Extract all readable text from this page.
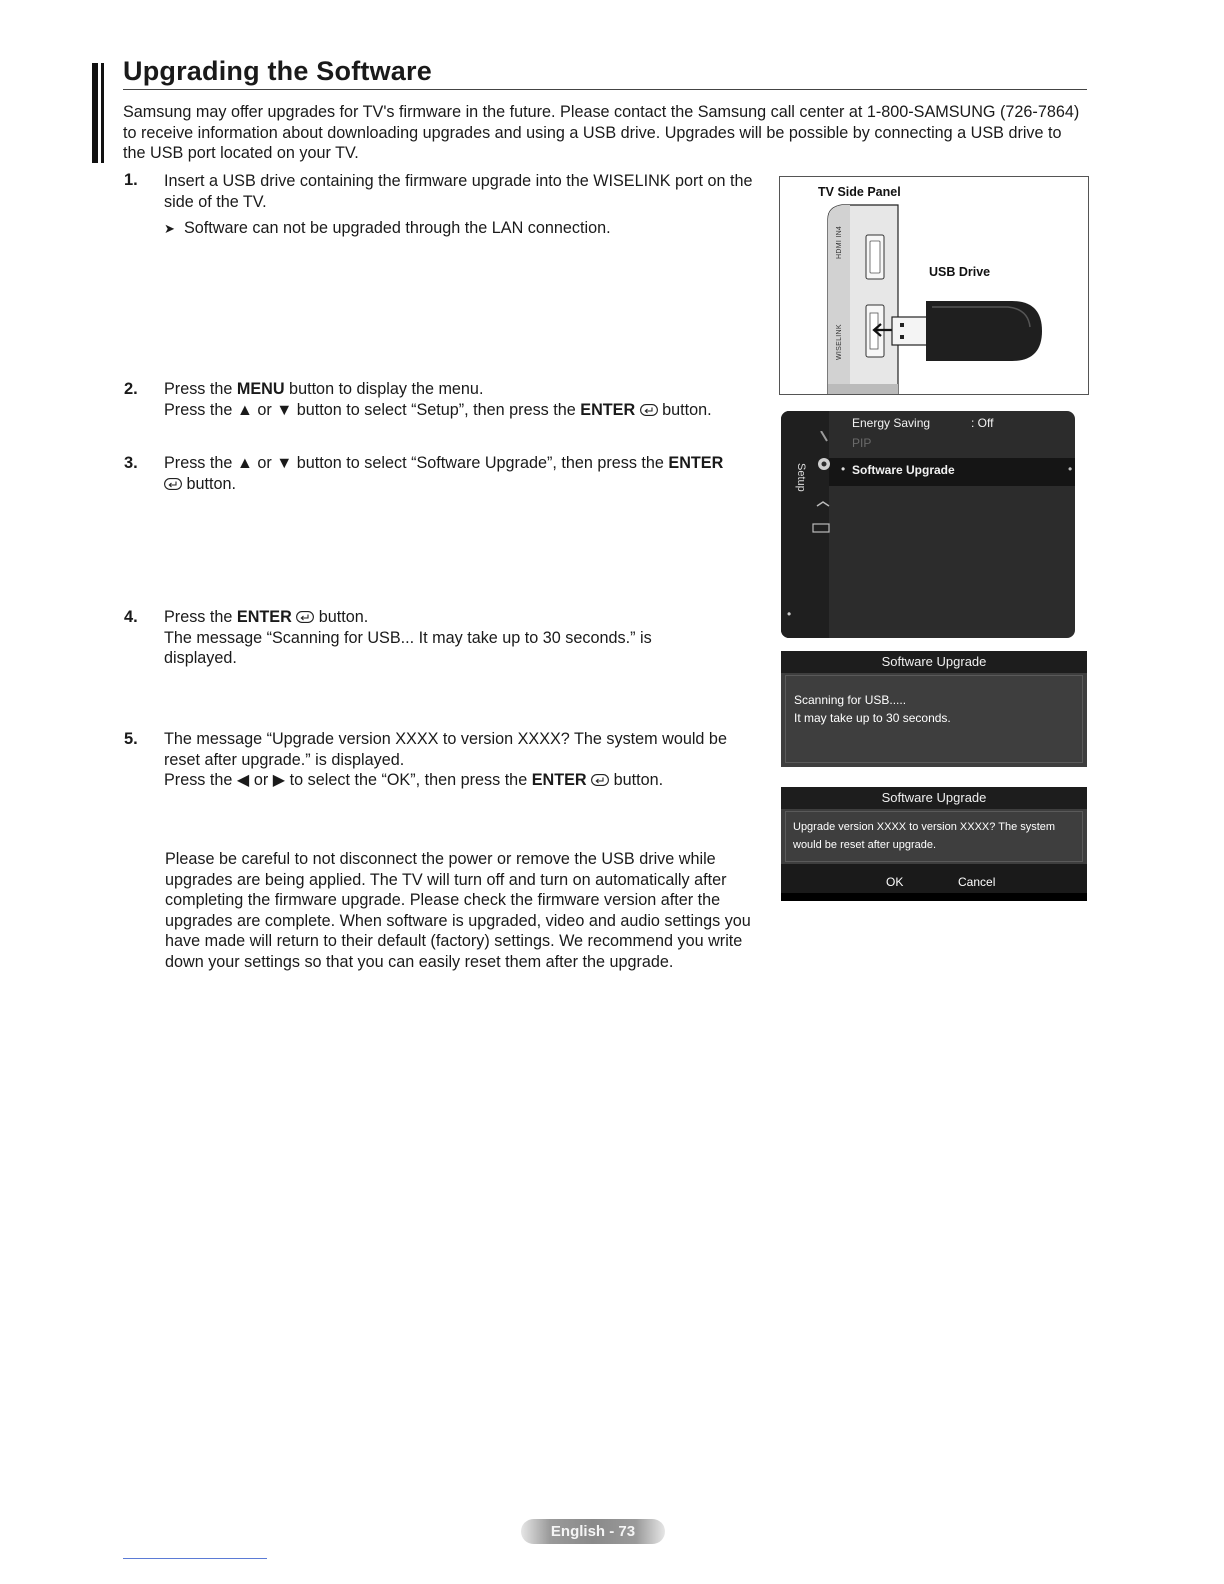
Upgrading the Software
Samsung may offer upgrades for TV's firmware in the future. Please contact the Samsung call center at 1-800-SAMSUNG (726-7864) to receive information about downloading upgrades and using a USB drive. Upgrades will be possible by connecting a USB drive to the USB port located on your TV.
1. Insert a USB drive containing the firmware upgrade into the WISELINK port on the side of the TV.
➤ Software can not be upgraded through the LAN connection.
2. Press the MENU button to display the menu.
Press the ▲ or ▼ button to select “Setup”, then press the ENTER
button.
3. Press the ▲ or ▼ button to select “Software Upgrade”, then press the ENTER
button.
4. Press the ENTER
button.
The message “Scanning for USB... It may take up to 30 seconds.” is displayed.
5. The message “Upgrade version XXXX to version XXXX? The system would be reset after upgrade.” is displayed.
Press the ◀ or ▶ to select the “OK”, then press the ENTER
button.
Please be careful to not disconnect the power or remove the USB drive while upgrades are being applied. The TV will turn off and turn on automatically after completing the firmware upgrade. Please check the firmware version after the upgrades are complete. When software is upgraded, video and audio settings you have made will return to their default (factory) settings. We recommend you write down your settings so that you can easily reset them after the upgrade.
TV Side Panel
USB Drive
HDMI IN4
WISELINK
Setup
Energy Saving	: Off
PIP
Software Upgrade
•	•
•
Software Upgrade
Scanning for USB.....
It may take up to 30 seconds.
Software Upgrade
Upgrade version XXXX to version XXXX? The system
would be reset after upgrade.
OK	Cancel
English - 73
